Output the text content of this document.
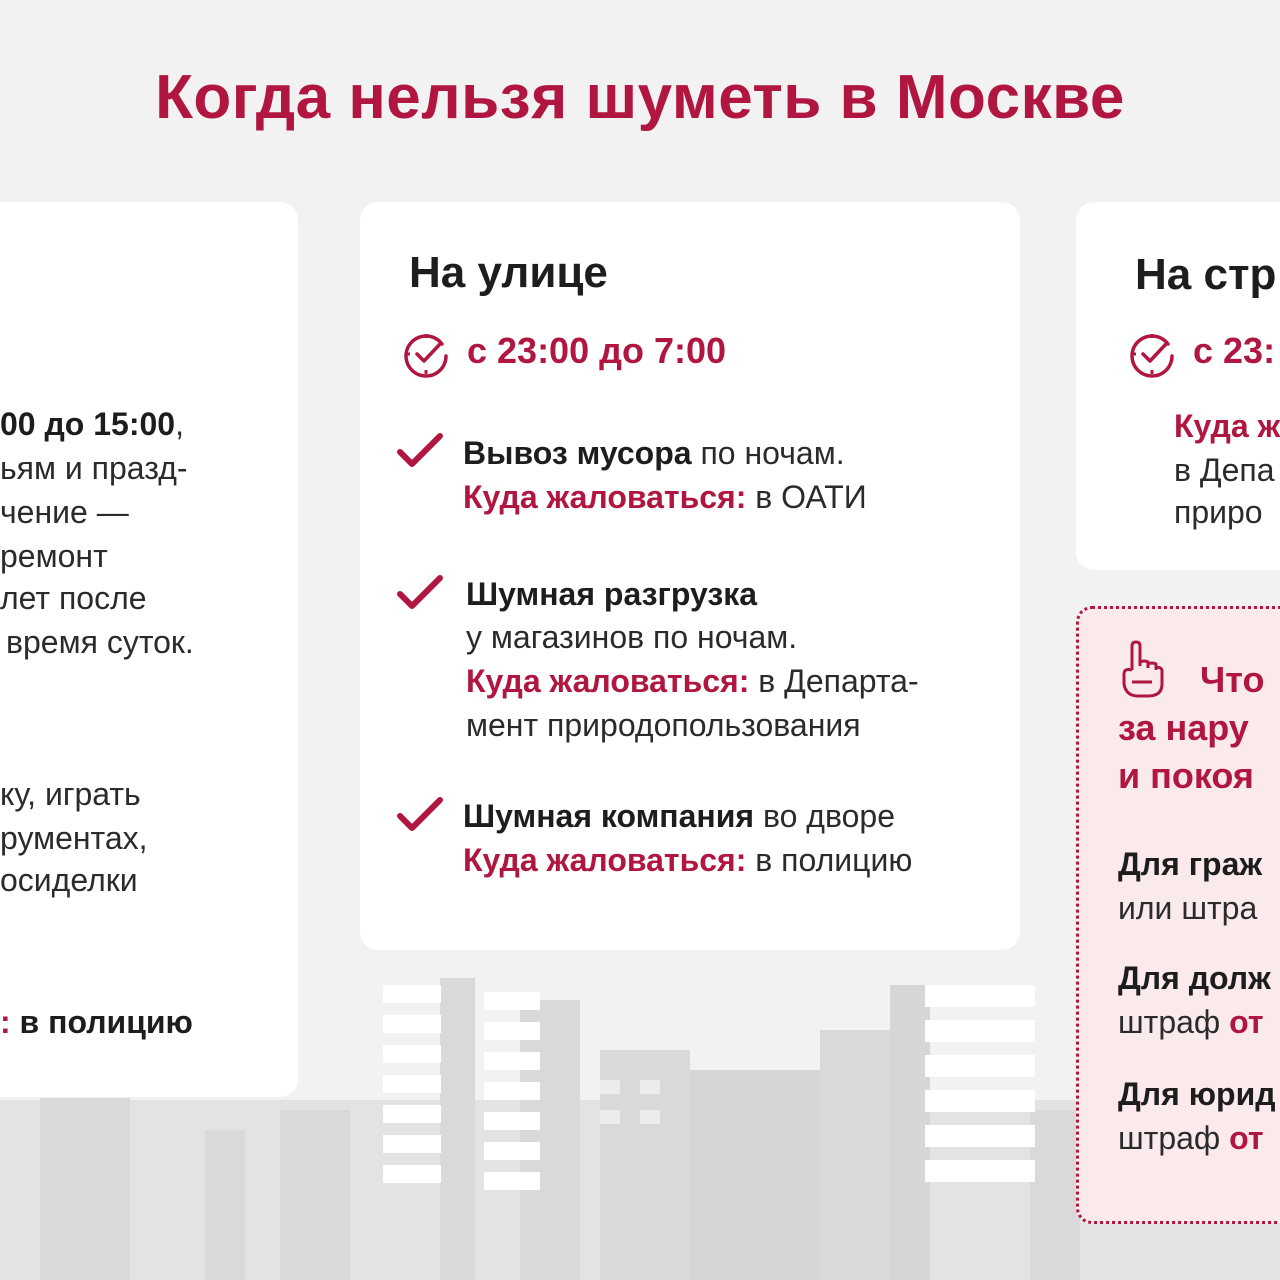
Когда нельзя шуметь в Москве
00 до 15:00,
ьям и празд-
чение —
ремонт
лет после
время суток.
ку, играть
рументах,
осиделки
: в полицию
На улице
с 23:00 до 7:00
Вывоз мусора по ночам.
Куда жаловаться: в ОАТИ
Шумная разгрузка
у магазинов по ночам.
Куда жаловаться: в Департа-
мент природопользования
Шумная компания во дворе
Куда жаловаться: в полицию
На стр
с 23:
Куда ж
в Депа
приро
Что
за нару
и покоя
Для граж
или штра
Для долж
штраф от
Для юрид
штраф от
